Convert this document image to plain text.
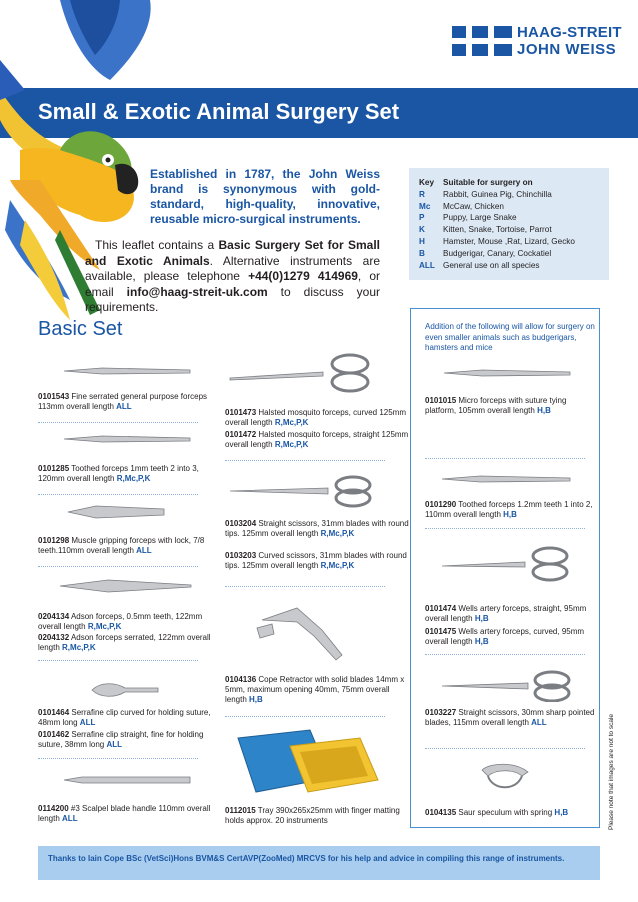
HAAG-STREIT
JOHN WEISS
Small & Exotic Animal Surgery Set
Established in 1787, the John Weiss brand is synonymous with gold-standard, high-quality, innovative, reusable micro-surgical instruments.
This leaflet contains a Basic Surgery Set for Small and Exotic Animals. Alternative instruments are available, please telephone +44(0)1279 414969, or email info@haag-streit-uk.com to discuss your requirements.
Key	Suitable for surgery on
R	Rabbit, Guinea Pig, Chinchilla
Mc	McCaw, Chicken
P	Puppy, Large Snake
K	Kitten, Snake, Tortoise, Parrot
H	Hamster, Mouse ,Rat, Lizard, Gecko
B	Budgerigar, Canary, Cockatiel
ALL General use on all species
Basic Set	Addition of the following will allow for surgery on even smaller animals such as budgerigars, hamsters and mice
0101543 Fine serrated general purpose forceps 113mm overall length ALL
0101285 Toothed forceps 1mm teeth 2 into 3, 120mm overall length R,Mc,P,K
0101298 Muscle gripping forceps with lock, 7/8 teeth.110mm overall length ALL
0204134 Adson forceps, 0.5mm teeth, 122mm overall length R,Mc,P,K
0204132 Adson forceps serrated, 122mm overall length R,Mc,P,K
0101464 Serrafine clip curved for holding suture, 48mm long ALL
0101462 Serrafine clip straight, fine for holding suture, 38mm long ALL
0114200 #3 Scalpel blade handle 110mm overall length ALL
0101473 Halsted mosquito forceps, curved 125mm overall length R,Mc,P,K
0101472 Halsted mosquito forceps, straight 125mm overall length R,Mc,P,K
0103204 Straight scissors, 31mm blades with round tips. 125mm overall length R,Mc,P,K
0103203 Curved scissors, 31mm blades with round tips. 125mm overall length R,Mc,P,K
0104136 Cope Retractor with solid blades 14mm x 5mm, maximum opening 40mm, 75mm overall length H,B
0112015 Tray 390x265x25mm with finger matting holds approx. 20 instruments
0101015 Micro forceps with suture tying platform, 105mm overall length H,B
0101290 Toothed forceps 1.2mm teeth 1 into 2, 110mm overall length H,B
0101474 Wells artery forceps, straight, 95mm overall length H,B
0101475 Wells artery forceps, curved, 95mm overall length H,B
0103227 Straight scissors, 30mm sharp pointed blades, 115mm overall length ALL
0104135 Saur speculum with spring H,B	Please note that images are not to scale
Thanks to Iain Cope BSc (VetSci)Hons BVM&S CertAVP(ZooMed) MRCVS for his help and advice in compiling this range of instruments.
